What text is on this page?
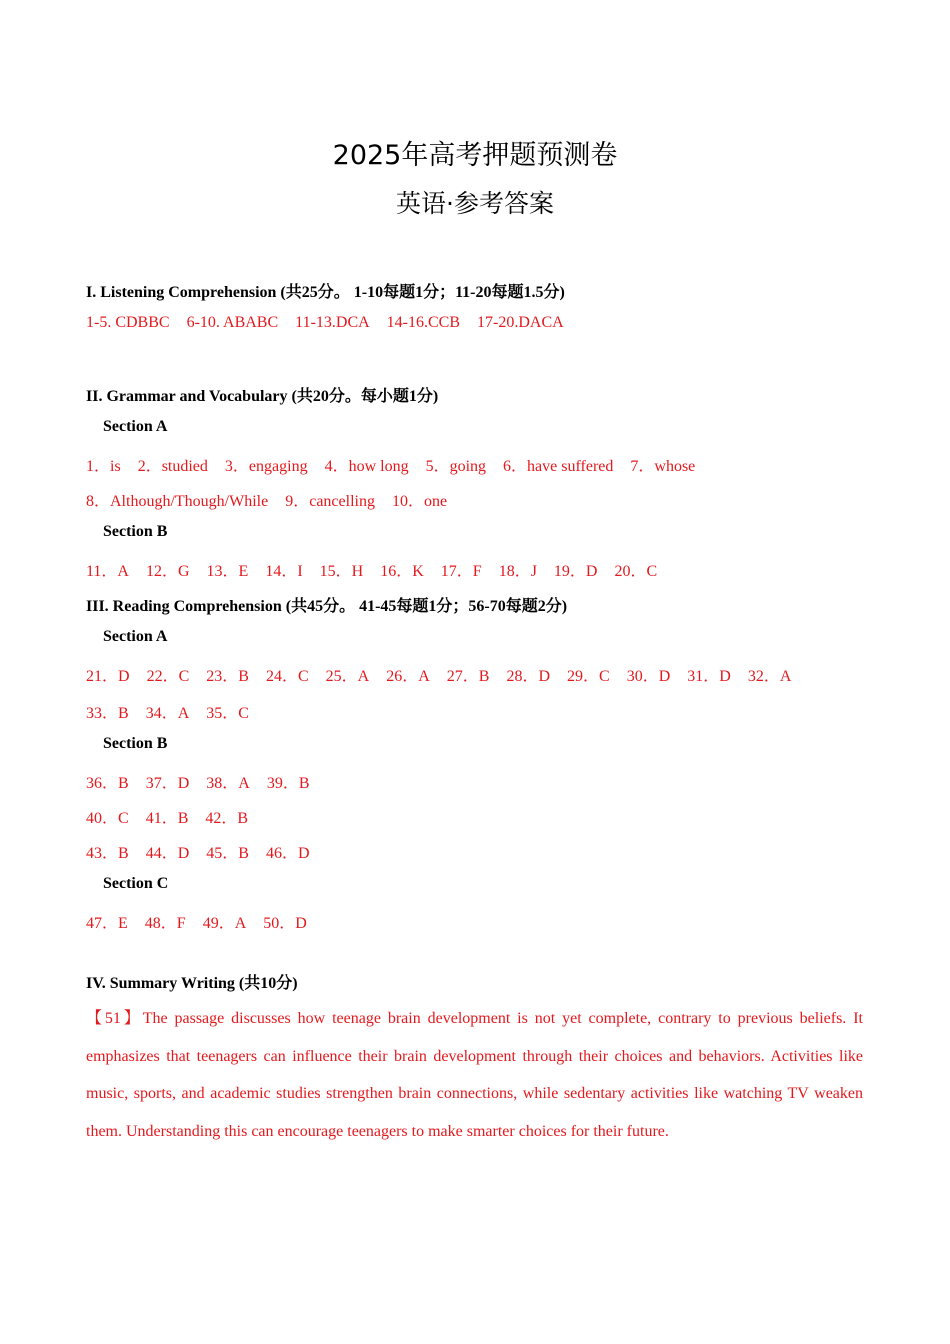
2025年高考押题预测卷
英语·参考答案
I. Listening Comprehension (共25分。 1-10每题1分；11-20每题1.5分)
1-5. CDBBC 6-10. ABABC 11-13.DCA 14-16.CCB 17-20.DACA
II. Grammar and Vocabulary (共20分。每小题1分)
Section A
1．is 2．studied 3．engaging 4．how long 5．going 6．have suffered 7．whose
8．Although/Though/While 9．cancelling 10．one
Section B
11．A 12．G 13．E 14．I 15．H 16．K 17．F 18．J 19．D 20．C
III. Reading Comprehension (共45分。 41-45每题1分；56-70每题2分)
Section A
21．D 22．C 23．B 24．C 25．A 26．A 27．B 28．D 29．C 30．D 31．D 32．A
33．B 34．A 35．C
Section B
36．B 37．D 38．A 39．B
40．C 41．B 42．B
43．B 44．D 45．B 46．D
Section C
47．E 48．F 49．A 50．D
IV. Summary Writing (共10分)
【51】The passage discusses how teenage brain development is not yet complete, contrary to previous beliefs. It emphasizes that teenagers can influence their brain development through their choices and behaviors. Activities like music, sports, and academic studies strengthen brain connections, while sedentary activities like watching TV weaken them. Understanding this can encourage teenagers to make smarter choices for their future.
